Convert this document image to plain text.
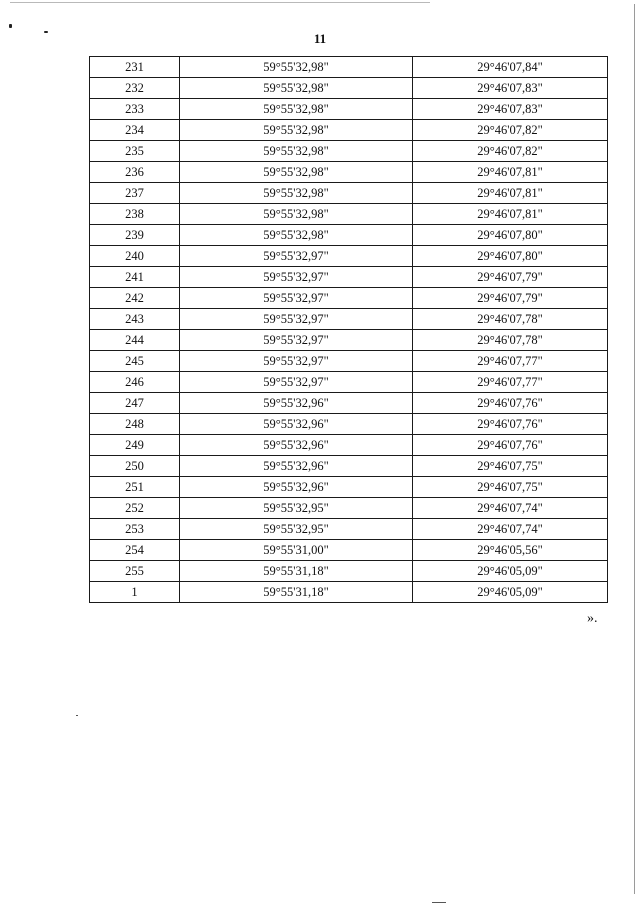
11
231	59°55'32,98"	29°46'07,84"
232	59°55'32,98"	29°46'07,83"
233	59°55'32,98"	29°46'07,83"
234	59°55'32,98"	29°46'07,82"
235	59°55'32,98"	29°46'07,82"
236	59°55'32,98"	29°46'07,81"
237	59°55'32,98"	29°46'07,81"
238	59°55'32,98"	29°46'07,81"
239	59°55'32,98"	29°46'07,80"
240	59°55'32,97"	29°46'07,80"
241	59°55'32,97"	29°46'07,79"
242	59°55'32,97"	29°46'07,79"
243	59°55'32,97"	29°46'07,78"
244	59°55'32,97"	29°46'07,78"
245	59°55'32,97"	29°46'07,77"
246	59°55'32,97"	29°46'07,77"
247	59°55'32,96"	29°46'07,76"
248	59°55'32,96"	29°46'07,76"
249	59°55'32,96"	29°46'07,76"
250	59°55'32,96"	29°46'07,75"
251	59°55'32,96"	29°46'07,75"
252	59°55'32,95"	29°46'07,74"
253	59°55'32,95"	29°46'07,74"
254	59°55'31,00"	29°46'05,56"
255	59°55'31,18"	29°46'05,09"
1	59°55'31,18"	29°46'05,09"
».
